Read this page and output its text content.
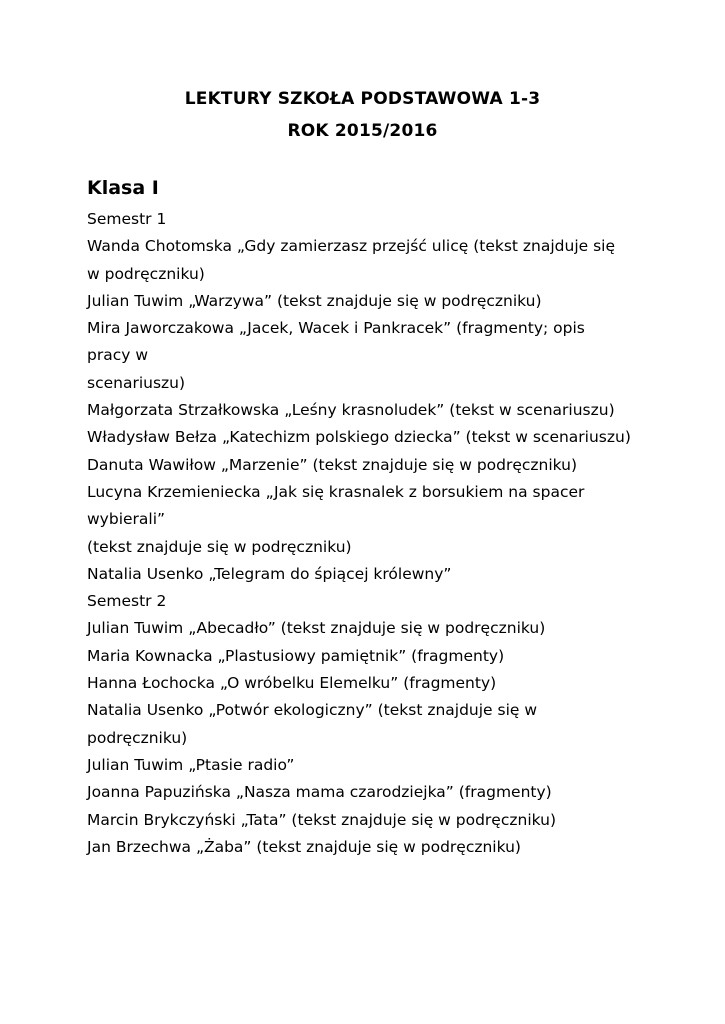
LEKTURY SZKOŁA PODSTAWOWA 1-3
ROK 2015/2016
Klasa I
Semestr 1
Wanda Chotomska „Gdy zamierzasz przejść ulicę (tekst znajduje się
w podręczniku)
Julian Tuwim „Warzywa” (tekst znajduje się w podręczniku)
Mira Jaworczakowa „Jacek, Wacek i Pankracek” (fragmenty; opis
pracy w
scenariuszu)
Małgorzata Strzałkowska „Leśny krasnoludek” (tekst w scenariuszu)
Władysław Bełza „Katechizm polskiego dziecka” (tekst w scenariuszu)
Danuta Wawiłow „Marzenie” (tekst znajduje się w podręczniku)
Lucyna Krzemieniecka „Jak się krasnalek z borsukiem na spacer
wybierali”
(tekst znajduje się w podręczniku)
Natalia Usenko „Telegram do śpiącej królewny”
Semestr 2
Julian Tuwim „Abecadło” (tekst znajduje się w podręczniku)
Maria Kownacka „Plastusiowy pamiętnik” (fragmenty)
Hanna Łochocka „O wróbelku Elemelku” (fragmenty)
Natalia Usenko „Potwór ekologiczny” (tekst znajduje się w
podręczniku)
Julian Tuwim „Ptasie radio”
Joanna Papuzińska „Nasza mama czarodziejka” (fragmenty)
Marcin Brykczyński „Tata” (tekst znajduje się w podręczniku)
Jan Brzechwa „Żaba” (tekst znajduje się w podręczniku)
